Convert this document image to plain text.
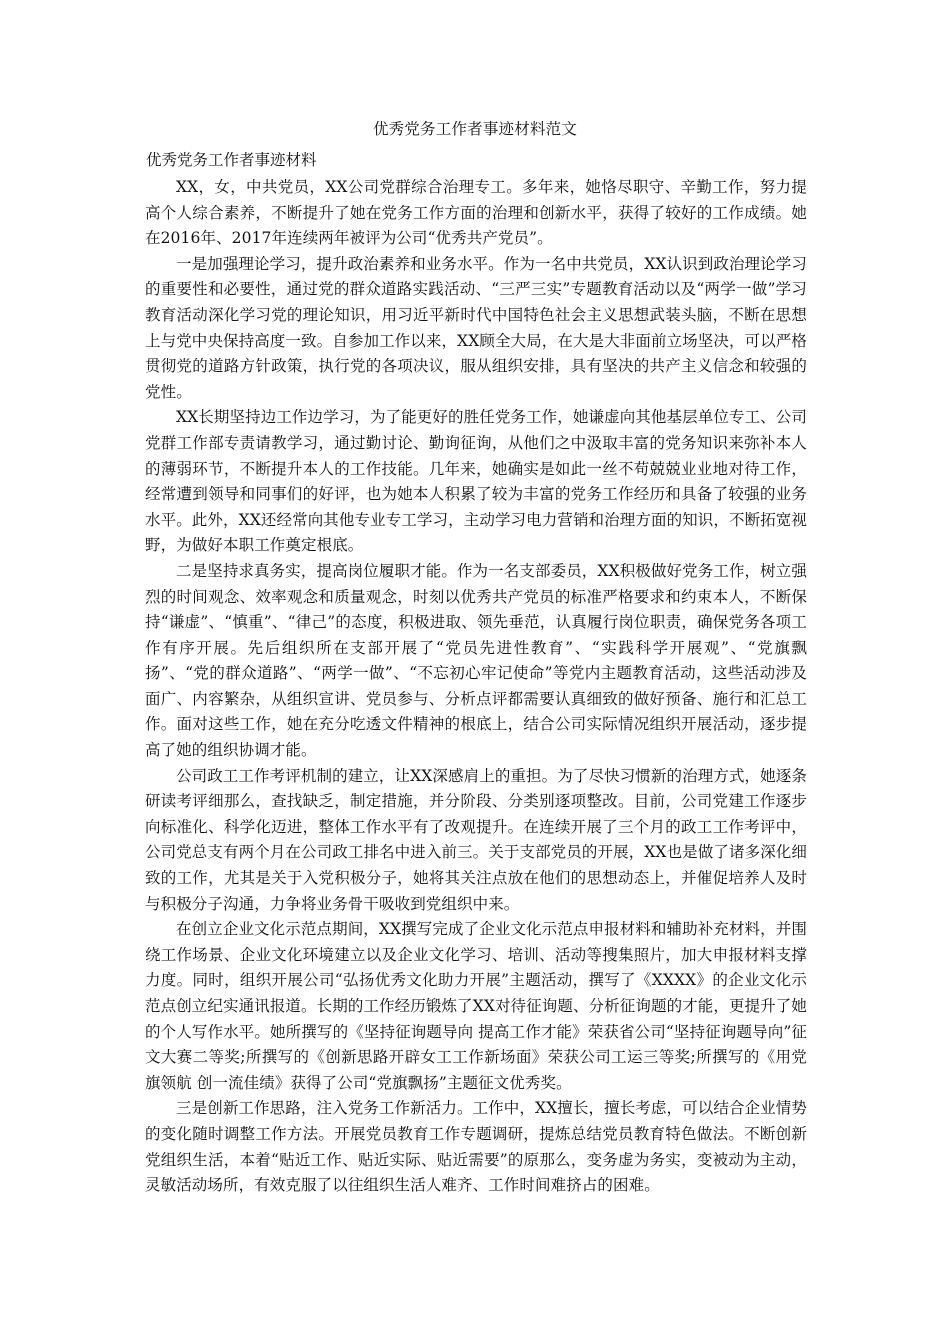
优秀党务工作者事迹材料范文
优秀党务工作者事迹材料

XX，女，中共党员，XX公司党群综合治理专工。多年来，她恪尽职守、辛勤工作，努力提高个人综合素养，不断提升了她在党务工作方面的治理和创新水平，获得了较好的工作成绩。她在2016年、2017年连续两年被评为公司“优秀共产党员”。

一是加强理论学习，提升政治素养和业务水平。作为一名中共党员，XX认识到政治理论学习的重要性和必要性，通过党的群众道路实践活动、“三严三实”专题教育活动以及“两学一做”学习教育活动深化学习党的理论知识，用习近平新时代中国特色社会主义思想武装头脑，不断在思想上与党中央保持高度一致。自参加工作以来，XX顾全大局，在大是大非面前立场坚决，可以严格贯彻党的道路方针政策，执行党的各项决议，服从组织安排，具有坚决的共产主义信念和较强的党性。

XX长期坚持边工作边学习，为了能更好的胜任党务工作，她谦虚向其他基层单位专工、公司党群工作部专责请教学习，通过勤讨论、勤询征询，从他们之中汲取丰富的党务知识来弥补本人的薄弱环节，不断提升本人的工作技能。几年来，她确实是如此一丝不苟兢兢业业地对待工作，经常遭到领导和同事们的好评，也为她本人积累了较为丰富的党务工作经历和具备了较强的业务水平。此外，XX还经常向其他专业专工学习，主动学习电力营销和治理方面的知识，不断拓宽视野，为做好本职工作奠定根底。

二是坚持求真务实，提高岗位履职才能。作为一名支部委员，XX积极做好党务工作，树立强烈的时间观念、效率观念和质量观念，时刻以优秀共产党员的标准严格要求和约束本人，不断保持“谦虚”、“慎重”、“律己”的态度，积极进取、领先垂范，认真履行岗位职责，确保党务各项工作有序开展。先后组织所在支部开展了“党员先进性教育”、“实践科学开展观”、“党旗飘扬”、“党的群众道路”、“两学一做”、“不忘初心牢记使命”等党内主题教育活动，这些活动涉及面广、内容繁杂，从组织宣讲、党员参与、分析点评都需要认真细致的做好预备、施行和汇总工作。面对这些工作，她在充分吃透文件精神的根底上，结合公司实际情况组织开展活动，逐步提高了她的组织协调才能。

公司政工工作考评机制的建立，让XX深感肩上的重担。为了尽快习惯新的治理方式，她逐条研读考评细那么，查找缺乏，制定措施，并分阶段、分类别逐项整改。目前，公司党建工作逐步向标准化、科学化迈进，整体工作水平有了改观提升。在连续开展了三个月的政工工作考评中，公司党总支有两个月在公司政工排名中进入前三。关于支部党员的开展，XX也是做了诸多深化细致的工作，尤其是关于入党积极分子，她将其关注点放在他们的思想动态上，并催促培养人及时与积极分子沟通，力争将业务骨干吸收到党组织中来。

在创立企业文化示范点期间，XX撰写完成了企业文化示范点申报材料和辅助补充材料，并围绕工作场景、企业文化环境建立以及企业文化学习、培训、活动等搜集照片，加大申报材料支撑力度。同时，组织开展公司“弘扬优秀文化助力开展”主题活动，撰写了《XXXX》的企业文化示范点创立纪实通讯报道。长期的工作经历锻炼了XX对待征询题、分析征询题的才能，更提升了她的个人写作水平。她所撰写的《坚持征询题导向 提高工作才能》荣获省公司“坚持征询题导向”征文大赛二等奖;所撰写的《创新思路开辟女工工作新场面》荣获公司工运三等奖;所撰写的《用党旗领航 创一流佳绩》获得了公司“党旗飘扬”主题征文优秀奖。

三是创新工作思路，注入党务工作新活力。工作中，XX擅长，擅长考虑，可以结合企业情势的变化随时调整工作方法。开展党员教育工作专题调研，提炼总结党员教育特色做法。不断创新党组织生活，本着“贴近工作、贴近实际、贴近需要”的原那么，变务虚为务实，变被动为主动，灵敏活动场所，有效克服了以往组织生活人难齐、工作时间难挤占的困难。
